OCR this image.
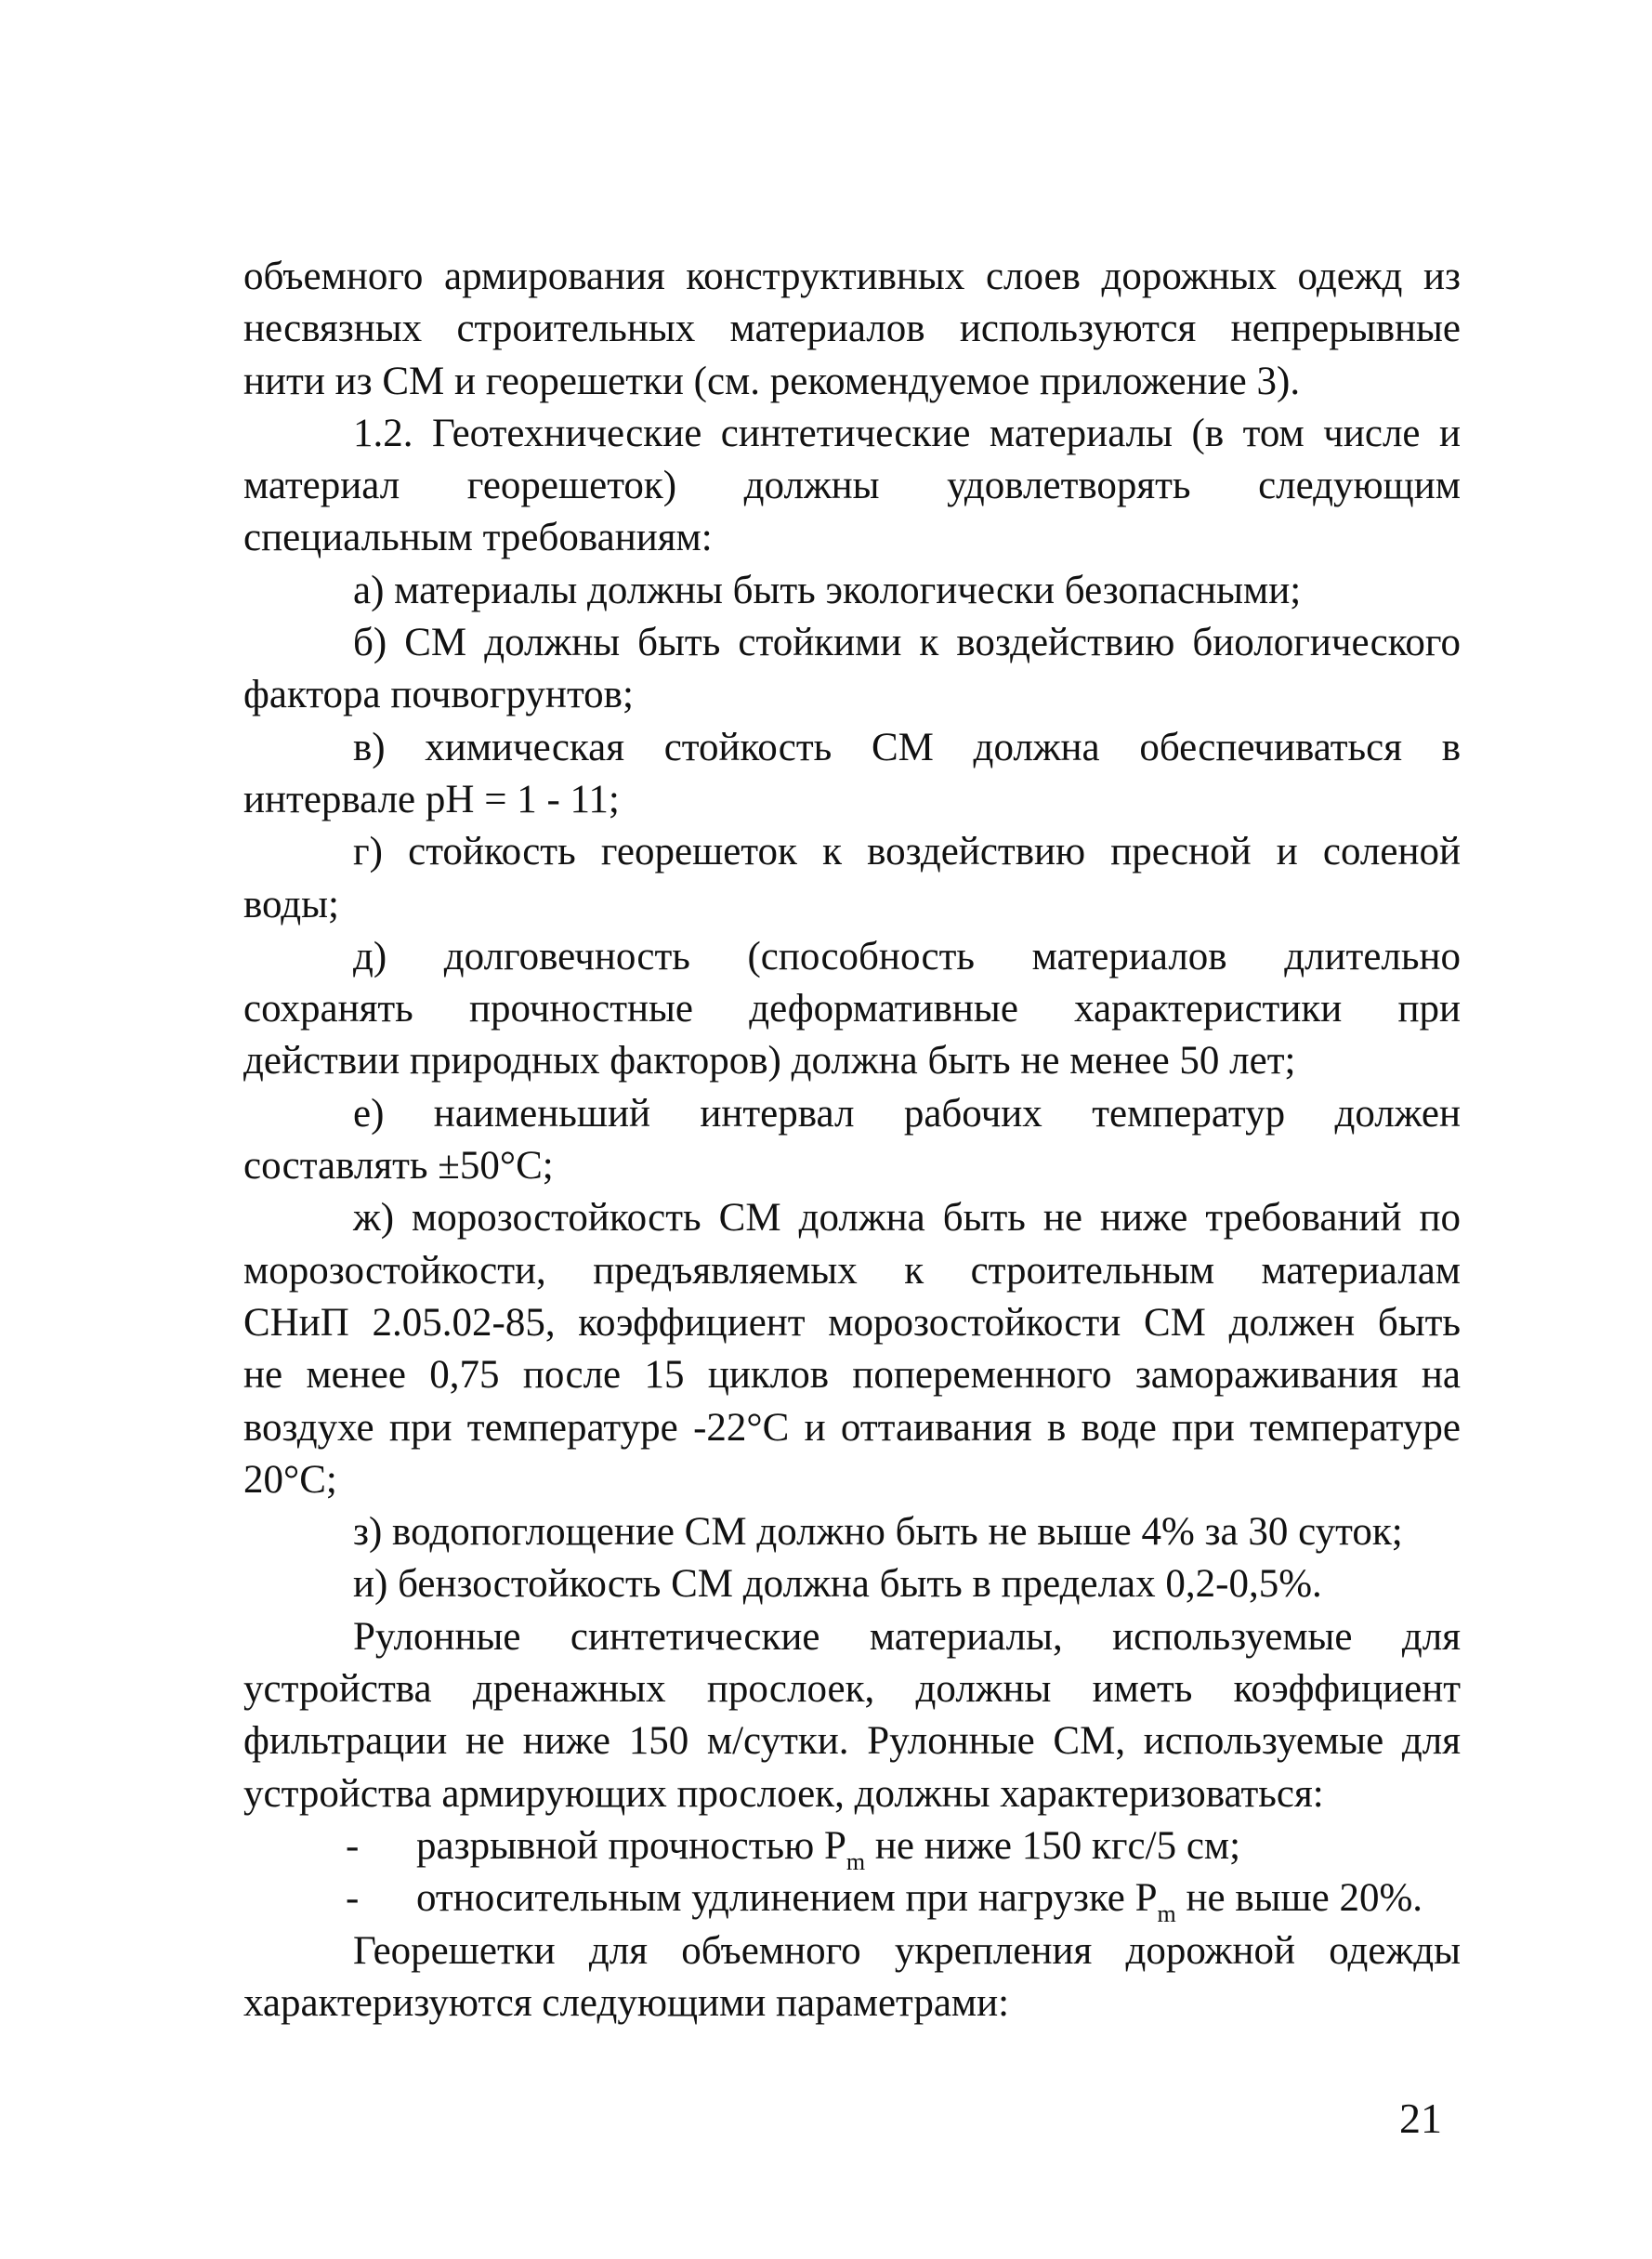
объемного армирования конструктивных слоев дорожных одежд из
несвязных строительных материалов используются непрерывные
нити из СМ и георешетки (см. рекомендуемое приложение 3).
1.2. Геотехнические синтетические материалы (в том числе и
материал георешеток) должны удовлетворять следующим
специальным требованиям:
а) материалы должны быть экологически безопасными;
б) СМ должны быть стойкими к воздействию биологического
фактора почвогрунтов;
в) химическая стойкость СМ должна обеспечиваться в
интервале pH = 1 - 11;
г) стойкость георешеток к воздействию пресной и соленой
воды;
д) долговечность (способность материалов длительно
сохранять прочностные деформативные характеристики при
действии природных факторов) должна быть не менее 50 лет;
е) наименьший интервал рабочих температур должен
составлять ±50°С;
ж) морозостойкость СМ должна быть не ниже требований по
морозостойкости, предъявляемых к строительным материалам
СНиП 2.05.02-85, коэффициент морозостойкости СМ должен быть
не менее 0,75 после 15 циклов попеременного замораживания на
воздухе при температуре -22°С и оттаивания в воде при температуре
20°С;
з) водопоглощение СМ должно быть не выше 4% за 30 суток;
и) бензостойкость СМ должна быть в пределах 0,2-0,5%.
Рулонные синтетические материалы, используемые для
устройства дренажных прослоек, должны иметь коэффициент
фильтрации не ниже 150 м/сутки. Рулонные СМ, используемые для
устройства армирующих прослоек, должны характеризоваться:
-	разрывной прочностью $P_m$ не ниже 150 кгс/5 см;
-	относительным удлинением при нагрузке $P_m$ не выше 20%.
Георешетки для объемного укрепления дорожной одежды
характеризуются следующими параметрами:
21
